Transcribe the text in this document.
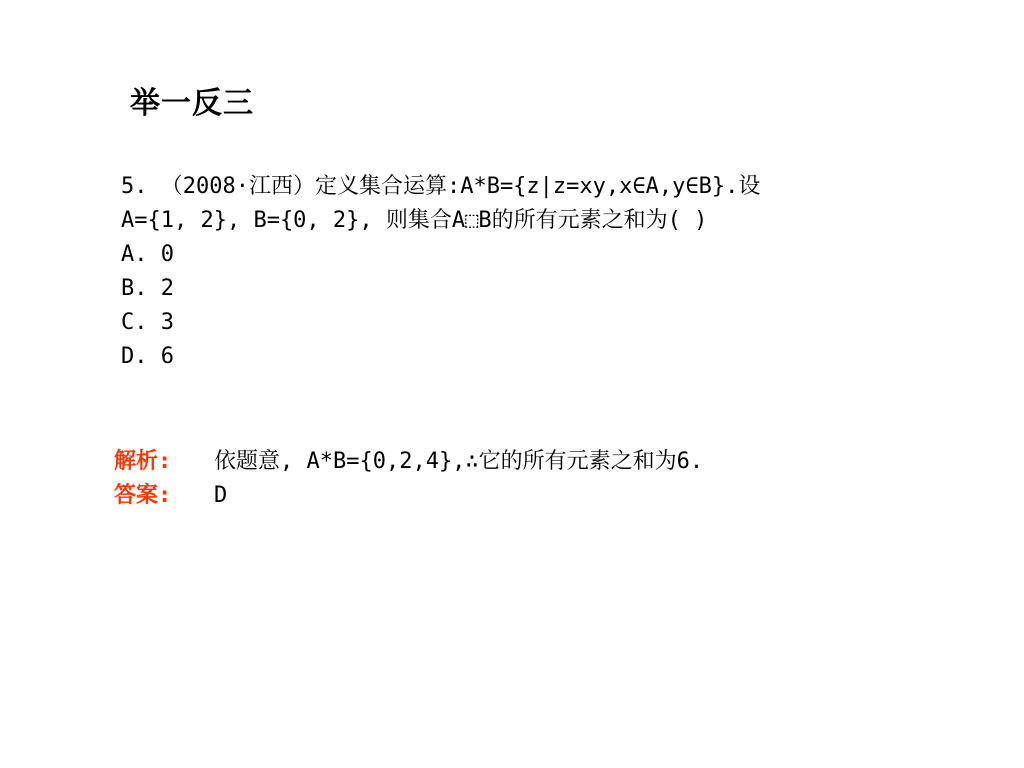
举一反三
5. （2008·江西）定义集合运算:A*B={z|z=xy,x∈A,y∈B}.设
A={1, 2}, B={0, 2}, 则集合A⬚B的所有元素之和为( )
A. 0
B. 2
C. 3
D. 6
解析: 依题意, A*B={0,2,4},∴它的所有元素之和为6.
答案: D
